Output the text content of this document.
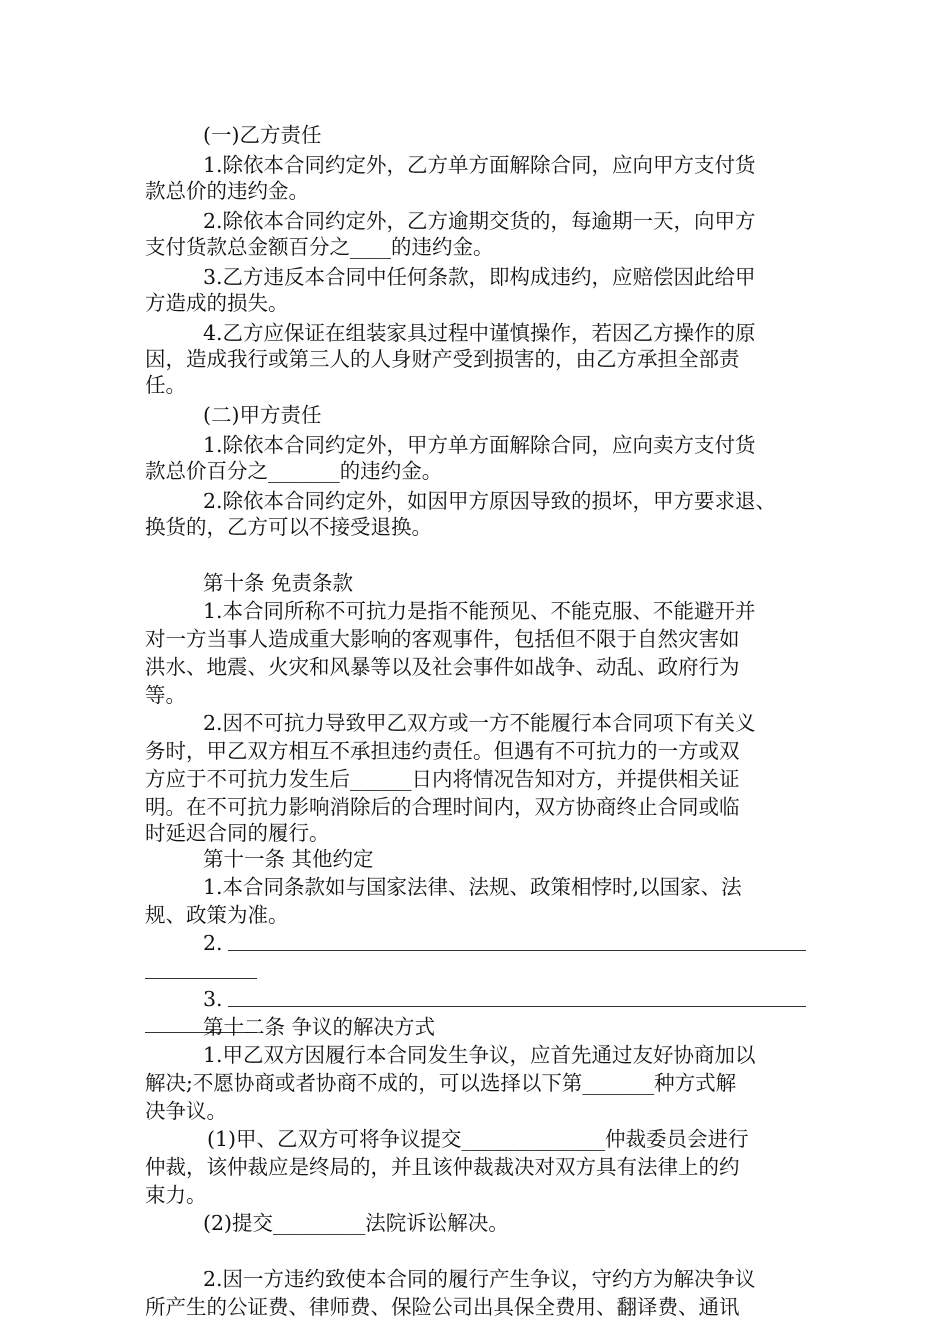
(一)乙方责任
1.除依本合同约定外，乙方单方面解除合同，应向甲方支付货
款总价的违约金。
2.除依本合同约定外，乙方逾期交货的，每逾期一天，向甲方
支付货款总金额百分之____的违约金。
3.乙方违反本合同中任何条款，即构成违约，应赔偿因此给甲
方造成的损失。
4.乙方应保证在组装家具过程中谨慎操作，若因乙方操作的原
因，造成我行或第三人的人身财产受到损害的，由乙方承担全部责
任。
(二)甲方责任
1.除依本合同约定外，甲方单方面解除合同，应向卖方支付货
款总价百分之_______的违约金。
2.除依本合同约定外，如因甲方原因导致的损坏，甲方要求退、
换货的，乙方可以不接受退换。
第十条 免责条款
1.本合同所称不可抗力是指不能预见、不能克服、不能避开并
对一方当事人造成重大影响的客观事件，包括但不限于自然灾害如
洪水、地震、火灾和风暴等以及社会事件如战争、动乱、政府行为
等。
2.因不可抗力导致甲乙双方或一方不能履行本合同项下有关义
务时，甲乙双方相互不承担违约责任。但遇有不可抗力的一方或双
方应于不可抗力发生后______日内将情况告知对方，并提供相关证
明。在不可抗力影响消除后的合理时间内，双方协商终止合同或临
时延迟合同的履行。
第十一条 其他约定
1.本合同条款如与国家法律、法规、政策相悖时,以国家、法
规、政策为准。
2.
3.
第十二条 争议的解决方式
1.甲乙双方因履行本合同发生争议，应首先通过友好协商加以
解决;不愿协商或者协商不成的，可以选择以下第_______种方式解
决争议。
(1)甲、乙双方可将争议提交______________仲裁委员会进行
仲裁，该仲裁应是终局的，并且该仲裁裁决对双方具有法律上的约
束力。
(2)提交_________法院诉讼解决。
2.因一方违约致使本合同的履行产生争议，守约方为解决争议
所产生的公证费、律师费、保险公司出具保全费用、翻译费、通讯
